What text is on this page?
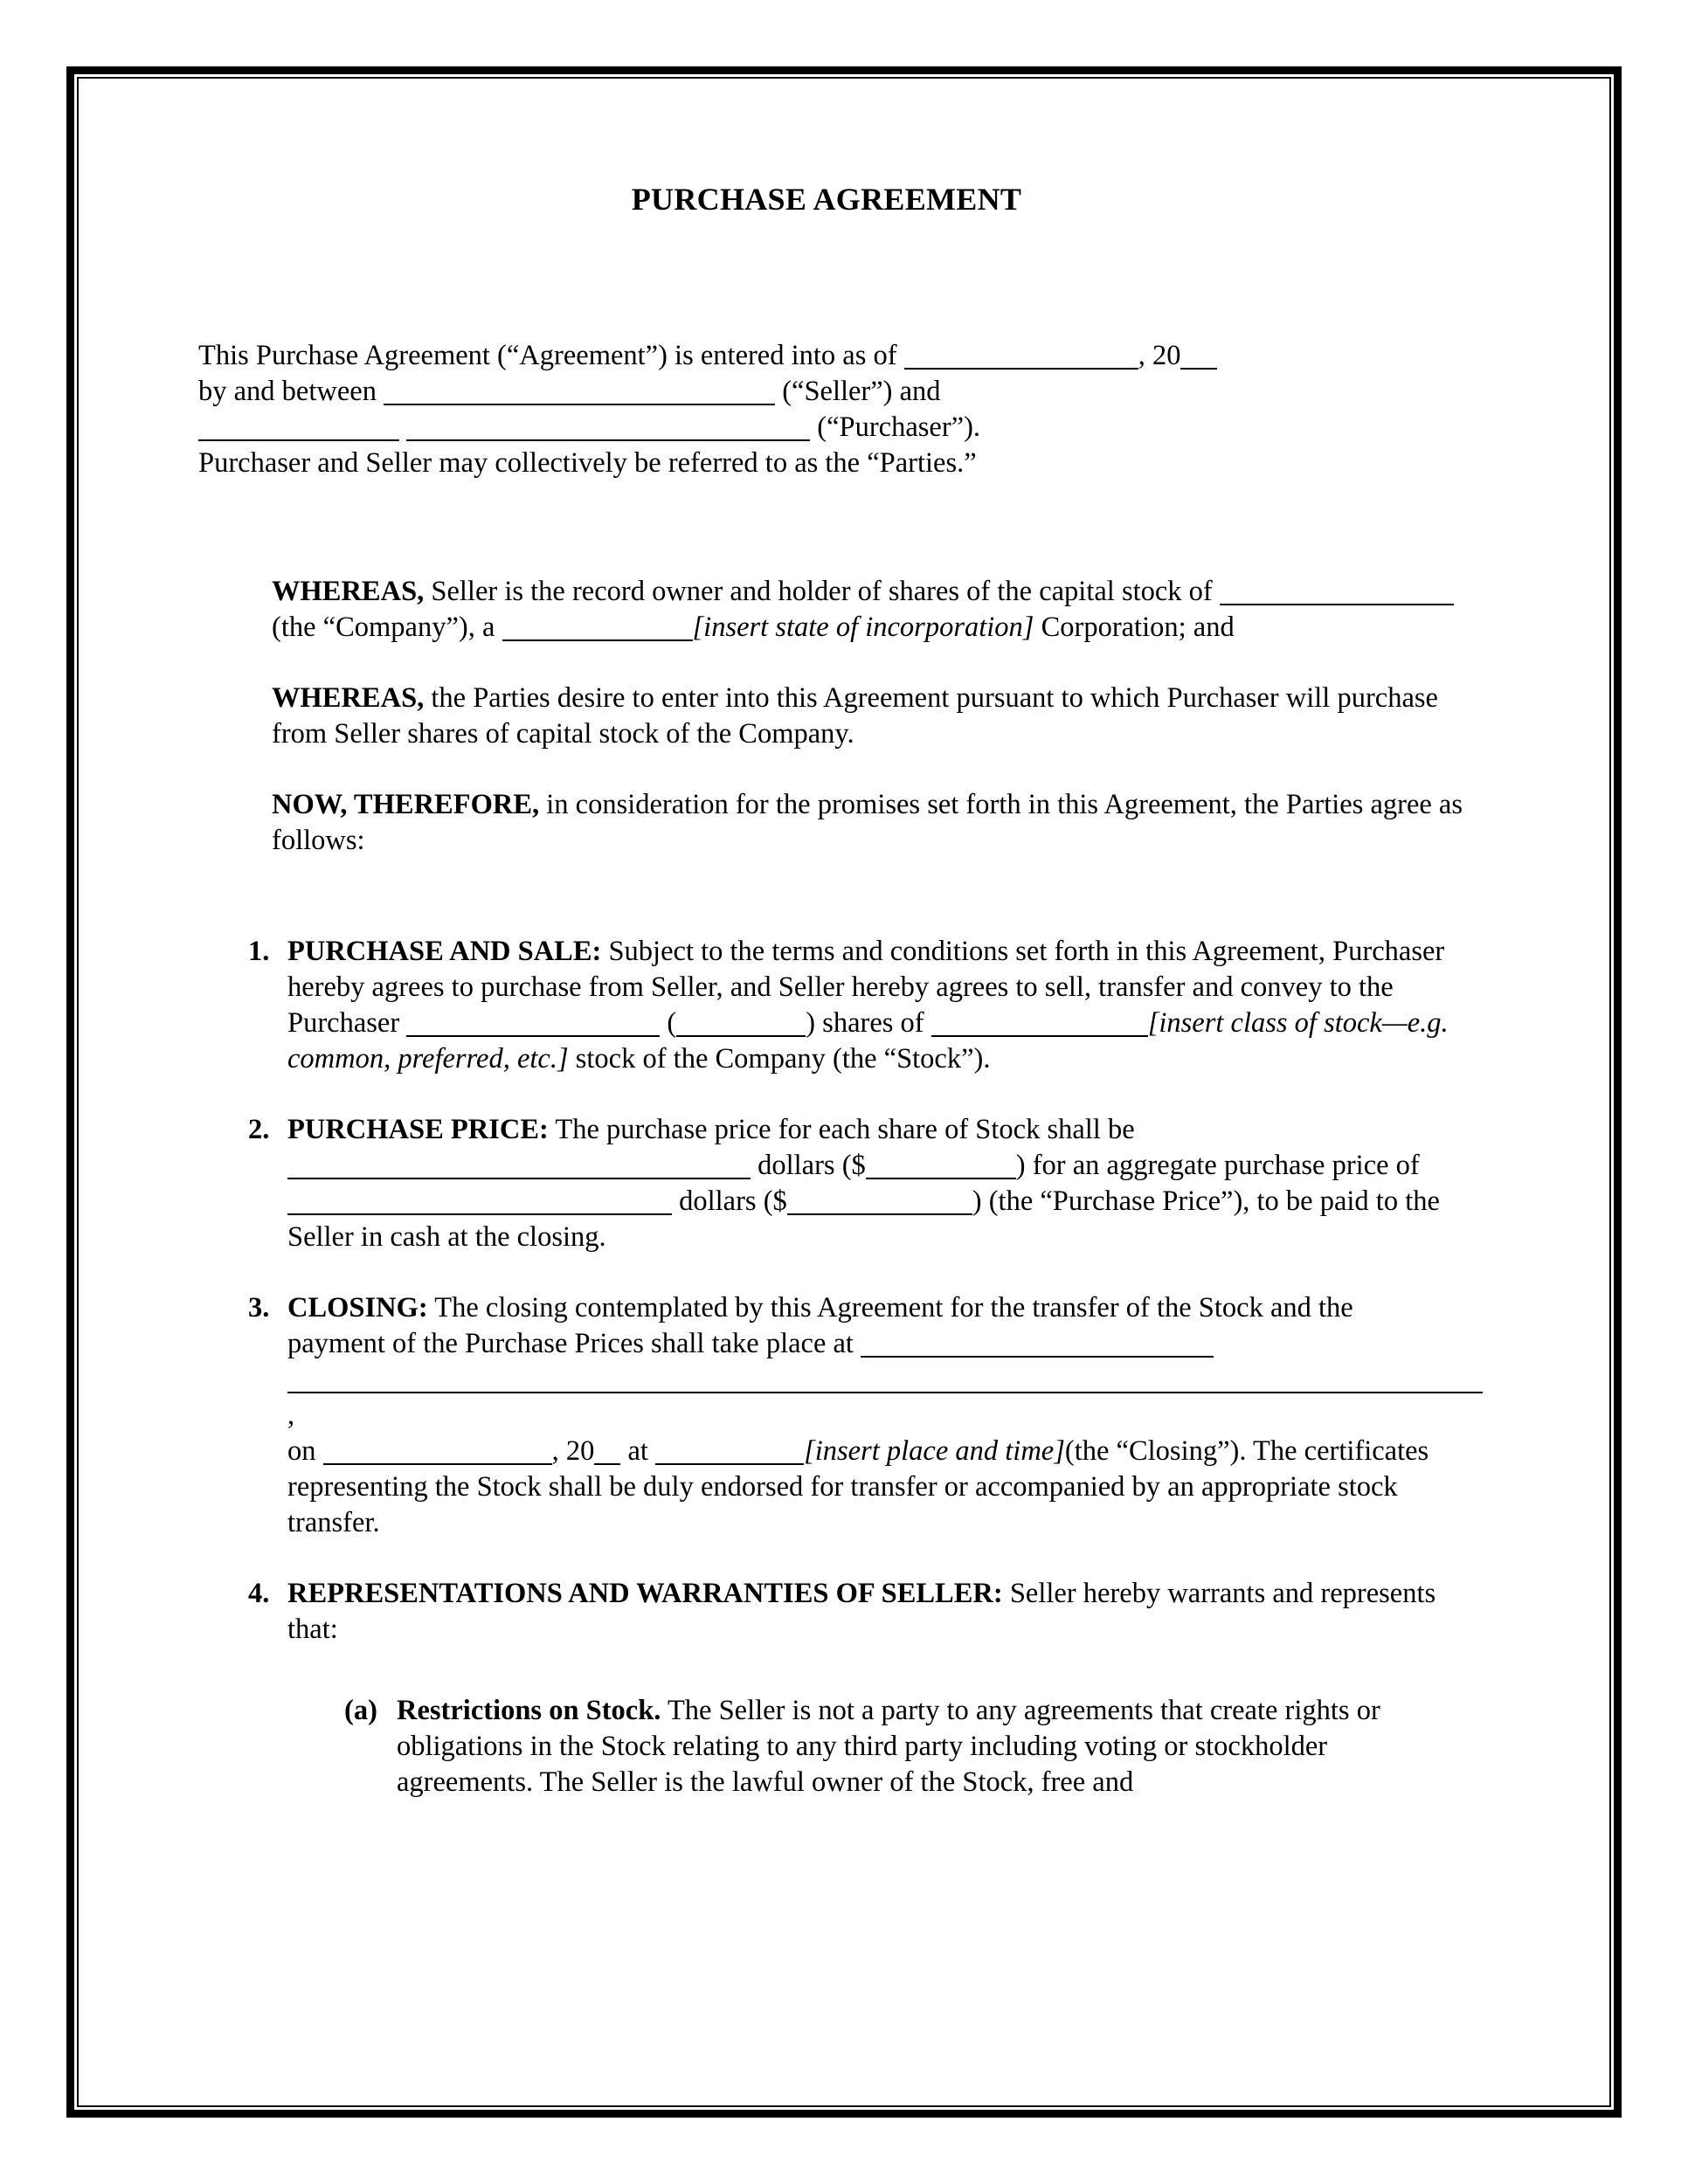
PURCHASE AGREEMENT
This Purchase Agreement (“Agreement”) is entered into as of	, 20
by and between	(“Seller”) and
(“Purchaser”).
Purchaser and Seller may collectively be referred to as the “Parties.”
WHEREAS, Seller is the record owner and holder of shares of the capital stock of  (the “Company”), a	[insert state of incorporation] Corporation; and
WHEREAS, the Parties desire to enter into this Agreement pursuant to which Purchaser will purchase from Seller shares of capital stock of the Company.
NOW, THEREFORE, in consideration for the promises set forth in this Agreement, the Parties agree as follows:
1. PURCHASE AND SALE: Subject to the terms and conditions set forth in this Agreement, Purchaser hereby agrees to purchase from Seller, and Seller hereby agrees to sell, transfer and convey to the Purchaser	(	) shares of	[insert class of stock—e.g. common, preferred, etc.] stock of the Company (the “Stock”).
2. PURCHASE PRICE: The purchase price for each share of Stock shall be  dollars ($	) for an aggregate purchase price of  dollars ($	) (the “Purchase Price”), to be paid to the Seller in cash at the closing.
3. CLOSING: The closing contemplated by this Agreement for the transfer of the Stock and the payment of the Purchase Prices shall take place at
,
on	, 20 at	[insert place and time](the “Closing”). The certificates representing the Stock shall be duly endorsed for transfer or accompanied by an appropriate stock transfer.
4. REPRESENTATIONS AND WARRANTIES OF SELLER: Seller hereby warrants and represents that:
(a) Restrictions on Stock. The Seller is not a party to any agreements that create rights or obligations in the Stock relating to any third party including voting or stockholder agreements. The Seller is the lawful owner of the Stock, free and
